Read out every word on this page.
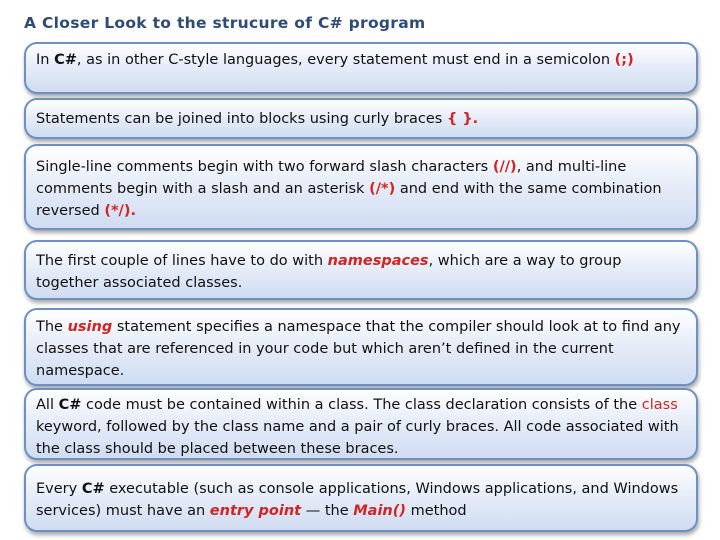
A Closer Look to the strucure of C# program
In C#, as in other C-style languages, every statement must end in a semicolon (;)
Statements can be joined into blocks using curly braces { }.
Single-line comments begin with two forward slash characters (//), and multi-line comments begin with a slash and an asterisk (/*) and end with the same combination reversed (*/).
The first couple of lines have to do with namespaces, which are a way to group together associated classes.
The using statement specifies a namespace that the compiler should look at to find any classes that are referenced in your code but which aren’t defined in the current namespace.
All C# code must be contained within a class. The class declaration consists of the class keyword, followed by the class name and a pair of curly braces. All code associated with the class should be placed between these braces.
Every C# executable (such as console applications, Windows applications, and Windows services) must have an entry point — the Main() method
